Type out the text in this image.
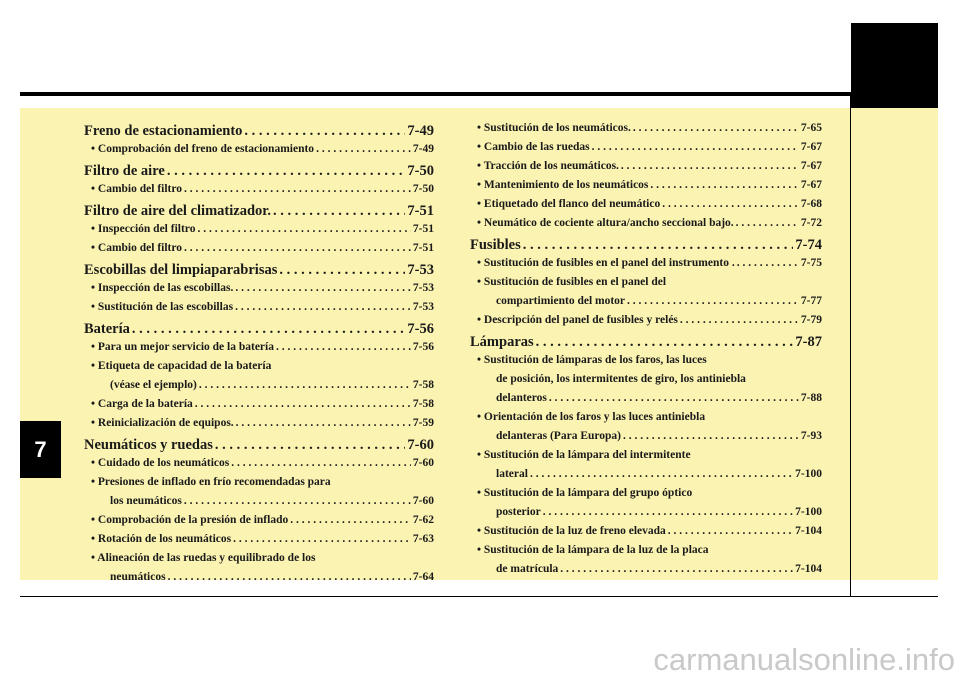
7
Freno de estacionamiento . . .	7-49
• Comprobación del freno de estacionamiento . . .	7-49
Filtro de aire . . .	7-50
• Cambio del filtro . . .	7-50
Filtro de aire del climatizador. . . .	7-51
• Inspección del filtro . . .	7-51
• Cambio del filtro . . .	7-51
Escobillas del limpiaparabrisas . . .	7-53
• Inspección de las escobillas. . . .	7-53
• Sustitución de las escobillas . . .	7-53
Batería . . .	7-56
• Para un mejor servicio de la batería . . .	7-56
• Etiqueta de capacidad de la batería
(véase el ejemplo) . . .	7-58
• Carga de la batería . . .	7-58
• Reinicialización de equipos. . . .	7-59
Neumáticos y ruedas . . .	7-60
• Cuidado de los neumáticos . . .	7-60
• Presiones de inflado en frío recomendadas para
los neumáticos . . .	7-60
• Comprobación de la presión de inflado . . .	7-62
• Rotación de los neumáticos . . .	7-63
• Alineación de las ruedas y equilibrado de los
neumáticos . . .	7-64
• Sustitución de los neumáticos. . . .	7-65
• Cambio de las ruedas . . .	7-67
• Tracción de los neumáticos. . . .	7-67
• Mantenimiento de los neumáticos . . .	7-67
• Etiquetado del flanco del neumático . . .	7-68
• Neumático de cociente altura/ancho seccional bajo. . . .	7-72
Fusibles . . .	7-74
• Sustitución de fusibles en el panel del instrumento . . . .	7-75
• Sustitución de fusibles en el panel del
compartimiento del motor . . .	7-77
• Descripción del panel de fusibles y relés . . .	7-79
Lámparas . . .	7-87
• Sustitución de lámparas de los faros, las luces
de posición, los intermitentes de giro, los antiniebla
delanteros . . .	7-88
• Orientación de los faros y las luces antiniebla
delanteras (Para Europa) . . .	7-93
• Sustitución de la lámpara del intermitente
lateral . . .	7-100
• Sustitución de la lámpara del grupo óptico
posterior . . .	7-100
• Sustitución de la luz de freno elevada . . .	7-104
• Sustitución de la lámpara de la luz de la placa
de matrícula . . .	7-104
carmanualsonline.info
